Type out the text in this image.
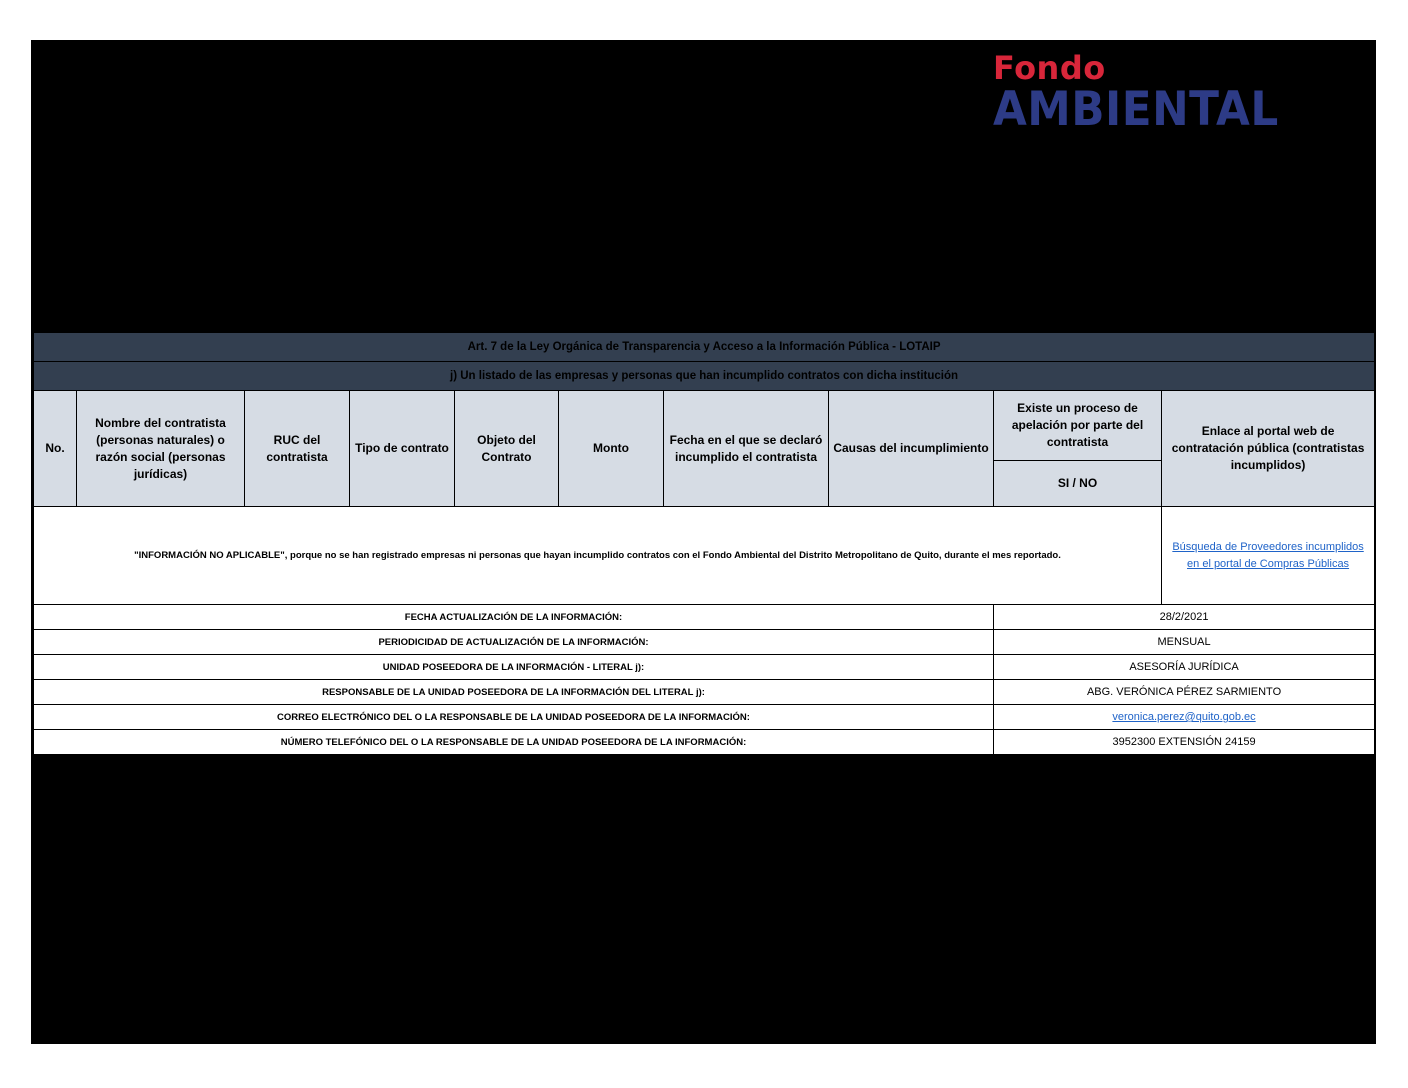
Fondo
AMBIENTAL
Art. 7 de la Ley Orgánica de Transparencia y Acceso a la Información Pública - LOTAIP									
j) Un listado de las empresas y personas que han incumplido contratos con dicha institución									
No.	Nombre del contratista (personas naturales) o razón social (personas jurídicas)	RUC del contratista	Tipo de contrato	Objeto del Contrato	Monto	Fecha en el que se declaró incumplido el contratista	Causas del incumplimiento	Existe un proceso de apelación por parte del contratista	Enlace al portal web de contratación pública (contratistas incumplidos)
								SI / NO	
"INFORMACIÓN NO APLICABLE", porque no se han registrado empresas ni personas que hayan incumplido contratos con el Fondo Ambiental del Distrito Metropolitano de Quito, durante el mes reportado.									Búsqueda de Proveedores incumplidos
en el portal de Compras Públicas
FECHA ACTUALIZACIÓN DE LA INFORMACIÓN:								28/2/2021	
PERIODICIDAD DE ACTUALIZACIÓN DE LA INFORMACIÓN:								MENSUAL	
UNIDAD POSEEDORA DE LA INFORMACIÓN - LITERAL j):								ASESORÍA JURÍDICA	
RESPONSABLE DE LA UNIDAD POSEEDORA DE LA INFORMACIÓN DEL LITERAL j):								ABG. VERÓNICA PÉREZ SARMIENTO	
CORREO ELECTRÓNICO DEL O LA RESPONSABLE DE LA UNIDAD POSEEDORA DE LA INFORMACIÓN:								veronica.perez@quito.gob.ec	
NÚMERO TELEFÓNICO DEL O LA RESPONSABLE DE LA UNIDAD POSEEDORA DE LA INFORMACIÓN:								3952300 EXTENSIÓN 24159	
